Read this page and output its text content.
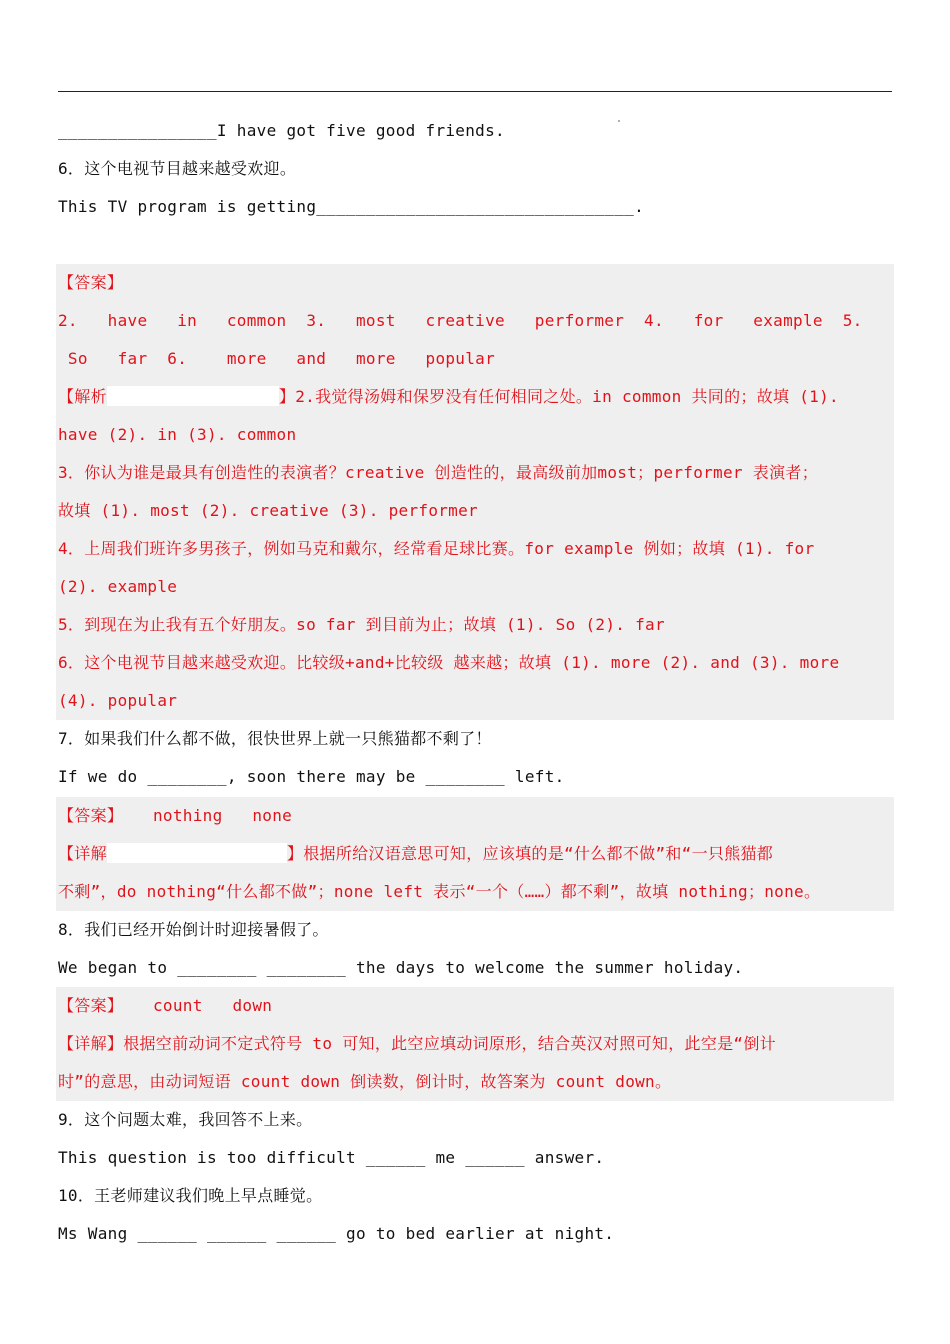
________________I have got five good friends.
6．这个电视节目越来越受欢迎。
This TV program is getting________________________________.
【答案】
2.   have   in   common  3.   most   creative   performer  4.   for   example  5.
So   far  6.    more   and   more   popular
【解析	】2.我觉得汤姆和保罗没有任何相同之处。in common 共同的；故填 (1).
have (2). in (3). common
3．你认为谁是最具有创造性的表演者？creative 创造性的，最高级前加most；performer 表演者；
故填 (1). most (2). creative (3). performer
4．上周我们班许多男孩子，例如马克和戴尔，经常看足球比赛。for example 例如；故填 (1). for
(2). example
5．到现在为止我有五个好朋友。so far 到目前为止；故填 (1). So (2). far
6．这个电视节目越来越受欢迎。比较级+and+比较级 越来越；故填 (1). more (2). and (3). more
(4). popular
7．如果我们什么都不做，很快世界上就一只熊猫都不剩了！
If we do ________, soon there may be ________ left.
【答案】   nothing   none
【详解	】根据所给汉语意思可知，应该填的是“什么都不做”和“一只熊猫都
不剩”，do nothing“什么都不做”；none left 表示“一个（……）都不剩”，故填 nothing；none。
8．我们已经开始倒计时迎接暑假了。
We began to ________ ________ the days to welcome the summer holiday.
【答案】   count   down
【详解】根据空前动词不定式符号 to 可知，此空应填动词原形，结合英汉对照可知，此空是“倒计
时”的意思，由动词短语 count down 倒读数，倒计时，故答案为 count down。
9．这个问题太难，我回答不上来。
This question is too difficult ______ me ______ answer.
10．王老师建议我们晚上早点睡觉。
Ms Wang ______ ______ ______ go to bed earlier at night.
